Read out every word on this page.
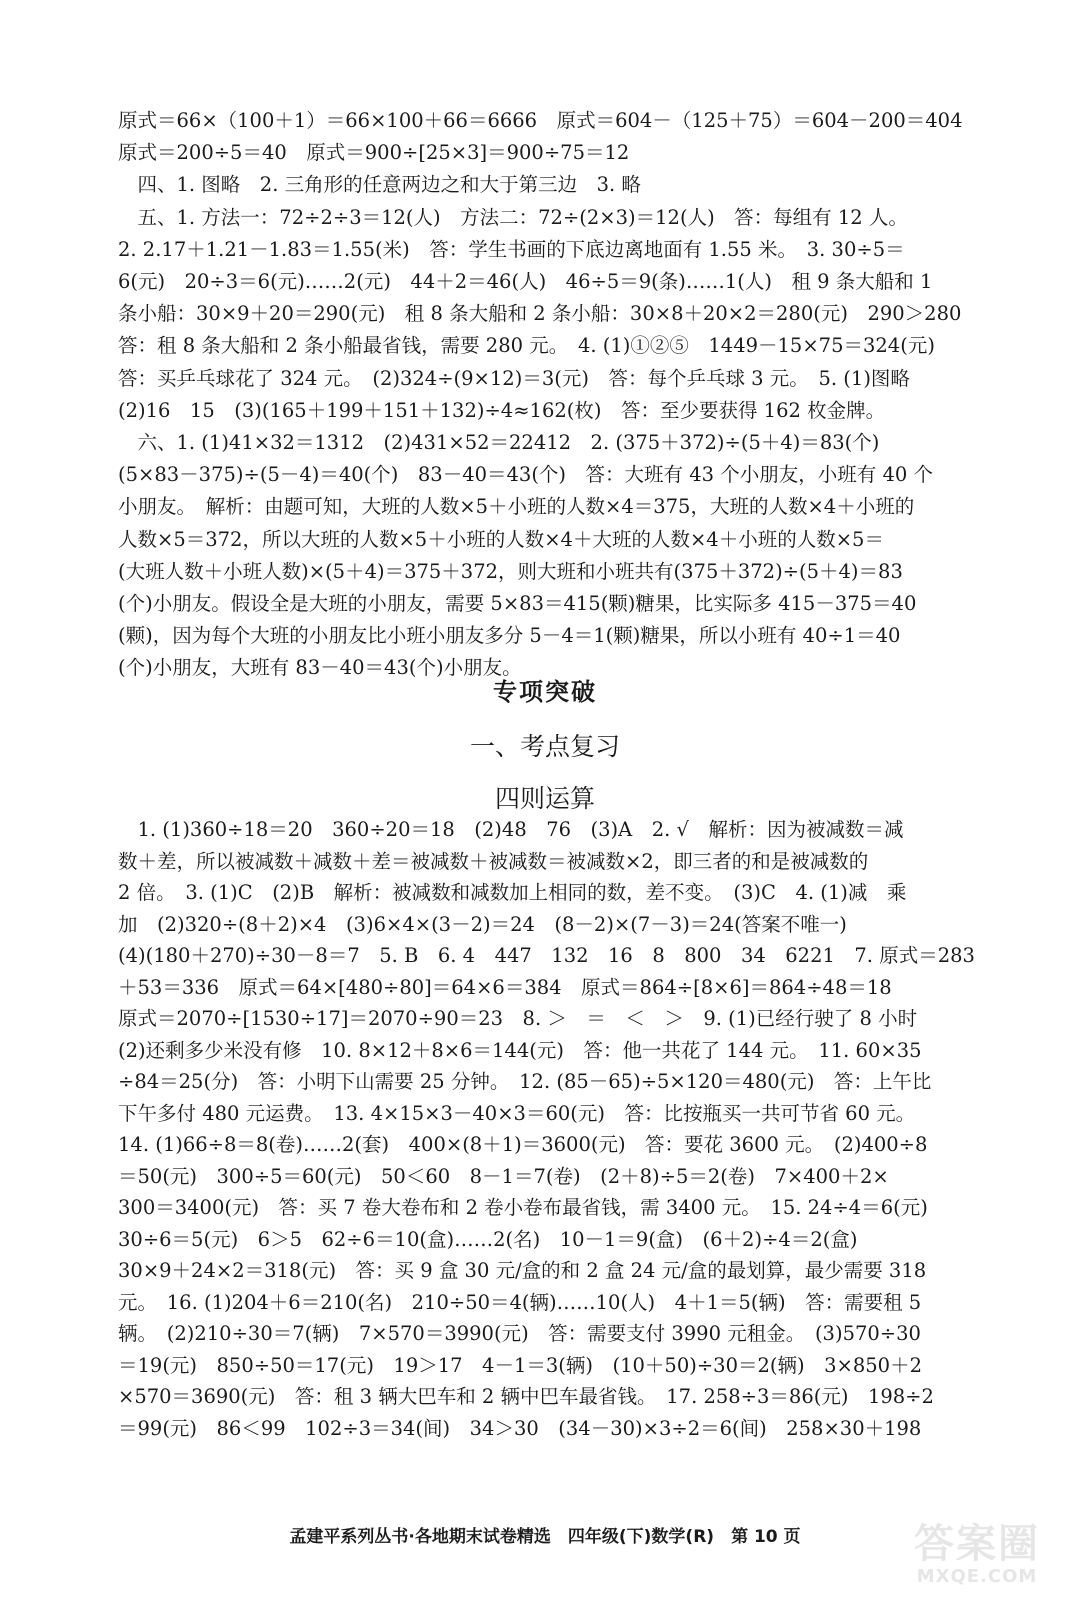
原式＝66×（100＋1）＝66×100＋66＝6666　原式＝604－（125＋75）＝604－200＝404
原式＝200÷5＝40　原式＝900÷[25×3]＝900÷75＝12
　四、1. 图略　2. 三角形的任意两边之和大于第三边　3. 略
　五、1. 方法一：72÷2÷3＝12(人)　方法二：72÷(2×3)＝12(人)　答：每组有 12 人。
2. 2.17＋1.21－1.83＝1.55(米)　答：学生书画的下底边离地面有 1.55 米。　3. 30÷5＝
6(元)　20÷3＝6(元)……2(元)　44＋2＝46(人)　46÷5＝9(条)……1(人)　租 9 条大船和 1
条小船：30×9＋20＝290(元)　租 8 条大船和 2 条小船：30×8＋20×2＝280(元)　290＞280
答：租 8 条大船和 2 条小船最省钱，需要 280 元。　4. (1)①②⑤　1449－15×75＝324(元)
答：买乒乓球花了 324 元。　(2)324÷(9×12)＝3(元)　答：每个乒乓球 3 元。　5. (1)图略
(2)16　15　(3)(165＋199＋151＋132)÷4≈162(枚)　答：至少要获得 162 枚金牌。
　六、1. (1)41×32＝1312　(2)431×52＝22412　2. (375＋372)÷(5＋4)＝83(个)
(5×83－375)÷(5－4)＝40(个)　83－40＝43(个)　答：大班有 43 个小朋友，小班有 40 个
小朋友。　解析：由题可知，大班的人数×5＋小班的人数×4＝375，大班的人数×4＋小班的
人数×5＝372，所以大班的人数×5＋小班的人数×4＋大班的人数×4＋小班的人数×5＝
(大班人数＋小班人数)×(5＋4)＝375＋372，则大班和小班共有(375＋372)÷(5＋4)＝83
(个)小朋友。假设全是大班的小朋友，需要 5×83＝415(颗)糖果，比实际多 415－375＝40
(颗)，因为每个大班的小朋友比小班小朋友多分 5－4＝1(颗)糖果，所以小班有 40÷1＝40
(个)小朋友，大班有 83－40＝43(个)小朋友。
专项突破
一、考点复习
四则运算
　1. (1)360÷18＝20　360÷20＝18　(2)48　76　(3)A　2. √　解析：因为被减数＝减
数＋差，所以被减数＋减数＋差＝被减数＋被减数＝被减数×2，即三者的和是被减数的
2 倍。　3. (1)C　(2)B　解析：被减数和减数加上相同的数，差不变。　(3)C　4. (1)减　乘
加　(2)320÷(8＋2)×4　(3)6×4×(3－2)＝24　(8－2)×(7－3)＝24(答案不唯一)
(4)(180＋270)÷30－8＝7　5. B　6. 4　447　132　16　8　800　34　6221　7. 原式＝283
＋53＝336　原式＝64×[480÷80]＝64×6＝384　原式＝864÷[8×6]＝864÷48＝18
原式＝2070÷[1530÷17]＝2070÷90＝23　8. ＞　＝　＜　＞　9. (1)已经行驶了 8 小时
(2)还剩多少米没有修　10. 8×12＋8×6＝144(元)　答：他一共花了 144 元。　11. 60×35
÷84＝25(分)　答：小明下山需要 25 分钟。　12. (85－65)÷5×120＝480(元)　答：上午比
下午多付 480 元运费。　13. 4×15×3－40×3＝60(元)　答：比按瓶买一共可节省 60 元。
14. (1)66÷8＝8(卷)……2(套)　400×(8＋1)＝3600(元)　答：要花 3600 元。　(2)400÷8
＝50(元)　300÷5＝60(元)　50＜60　8－1＝7(卷)　(2＋8)÷5＝2(卷)　7×400＋2×
300＝3400(元)　答：买 7 卷大卷布和 2 卷小卷布最省钱，需 3400 元。　15. 24÷4＝6(元)
30÷6＝5(元)　6＞5　62÷6＝10(盒)……2(名)　10－1＝9(盒)　(6＋2)÷4＝2(盒)
30×9＋24×2＝318(元)　答：买 9 盒 30 元/盒的和 2 盒 24 元/盒的最划算，最少需要 318
元。　16. (1)204＋6＝210(名)　210÷50＝4(辆)……10(人)　4＋1＝5(辆)　答：需要租 5
辆。　(2)210÷30＝7(辆)　7×570＝3990(元)　答：需要支付 3990 元租金。　(3)570÷30
＝19(元)　850÷50＝17(元)　19＞17　4－1＝3(辆)　(10＋50)÷30＝2(辆)　3×850＋2
×570＝3690(元)　答：租 3 辆大巴车和 2 辆中巴车最省钱。　17. 258÷3＝86(元)　198÷2
＝99(元)　86＜99　102÷3＝34(间)　34＞30　(34－30)×3÷2＝6(间)　258×30＋198
孟建平系列丛书·各地期末试卷精选　四年级(下)数学(R)　第 10 页	答案圈
MXQE.COM
